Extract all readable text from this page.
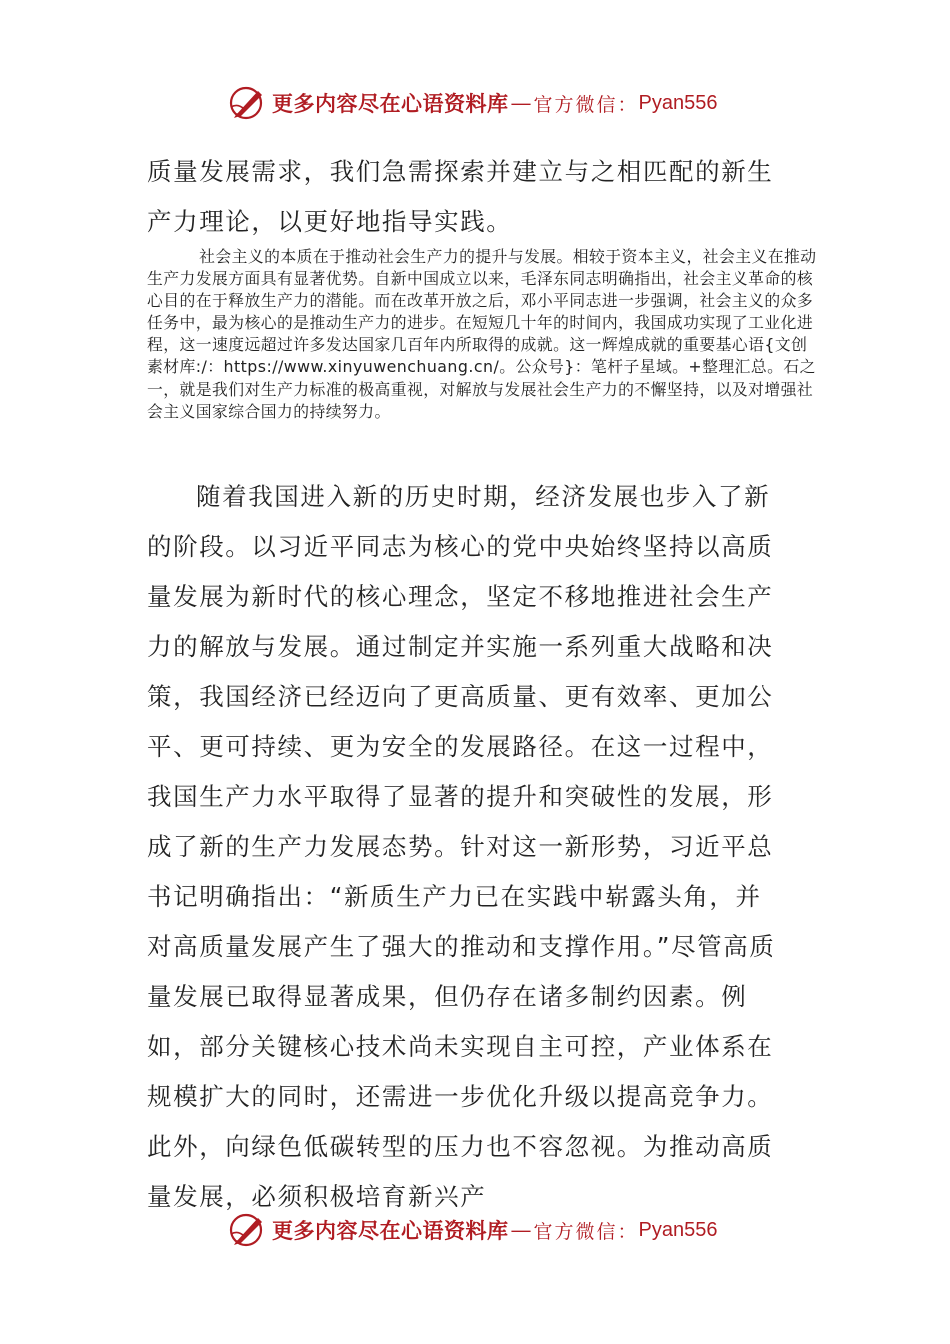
更多内容尽在心语资料库 — 官方微信： Pyan556

质量发展需求，我们急需探索并建立与之相匹配的新生产力理论，以更好地指导实践。

社会主义的本质在于推动社会生产力的提升与发展。相较于资本主义，社会主义在推动生产力发展方面具有显著优势。自新中国成立以来，毛泽东同志明确指出，社会主义革命的核心目的在于释放生产力的潜能。而在改革开放之后，邓小平同志进一步强调，社会主义的众多任务中，最为核心的是推动生产力的进步。在短短几十年的时间内，我国成功实现了工业化进程，这一速度远超过许多发达国家几百年内所取得的成就。这一辉煌成就的重要基心语{文创素材库:/：https://www.xinyuwenchuang.cn/。公众号}：笔杆子星域。+整理汇总。石之一，就是我们对生产力标准的极高重视，对解放与发展社会生产力的不懈坚持，以及对增强社会主义国家综合国力的持续努力。

随着我国进入新的历史时期，经济发展也步入了新的阶段。以习近平同志为核心的党中央始终坚持以高质量发展为新时代的核心理念，坚定不移地推进社会生产力的解放与发展。通过制定并实施一系列重大战略和决策，我国经济已经迈向了更高质量、更有效率、更加公平、更可持续、更为安全的发展路径。在这一过程中，我国生产力水平取得了显著的提升和突破性的发展，形成了新的生产力发展态势。针对这一新形势，习近平总书记明确指出：“新质生产力已在实践中崭露头角，并对高质量发展产生了强大的推动和支撑作用。”尽管高质量发展已取得显著成果，但仍存在诸多制约因素。例如，部分关键核心技术尚未实现自主可控，产业体系在规模扩大的同时，还需进一步优化升级以提高竞争力。此外，向绿色低碳转型的压力也不容忽视。为推动高质量发展，必须积极培育新兴产

更多内容尽在心语资料库 — 官方微信： Pyan556
